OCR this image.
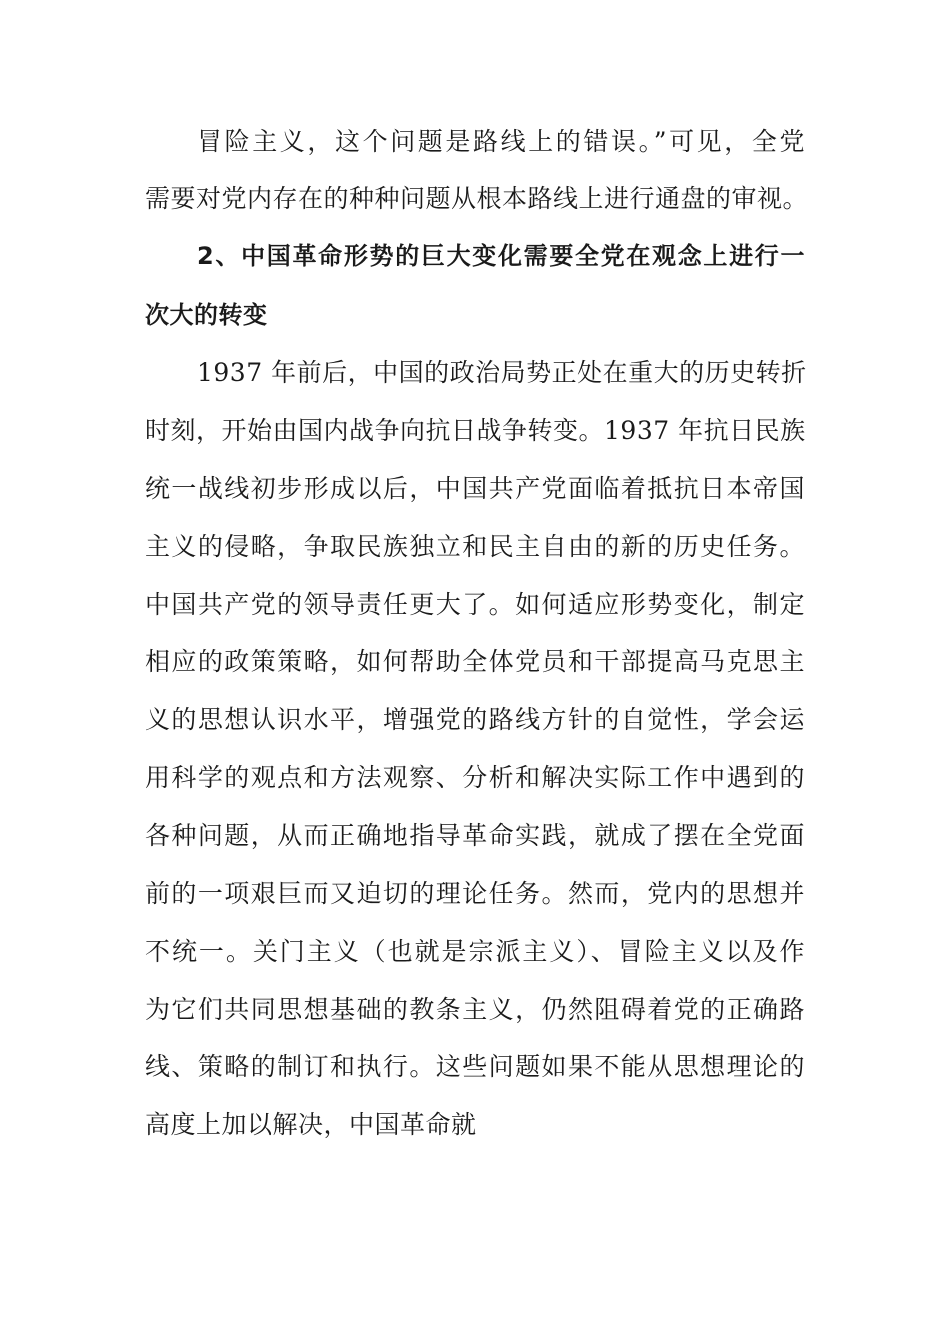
冒险主义，这个问题是路线上的错误。”可见，全党
需要对党内存在的种种问题从根本路线上进行通盘的审视。
2、中国革命形势的巨大变化需要全党在观念上进行一
次大的转变
1937 年前后，中国的政治局势正处在重大的历史转折
时刻，开始由国内战争向抗日战争转变。1937 年抗日民族
统一战线初步形成以后，中国共产党面临着抵抗日本帝国
主义的侵略，争取民族独立和民主自由的新的历史任务。
中国共产党的领导责任更大了。如何适应形势变化，制定
相应的政策策略，如何帮助全体党员和干部提高马克思主
义的思想认识水平，增强党的路线方针的自觉性，学会运
用科学的观点和方法观察、分析和解决实际工作中遇到的
各种问题，从而正确地指导革命实践，就成了摆在全党面
前的一项艰巨而又迫切的理论任务。然而，党内的思想并
不统一。关门主义（也就是宗派主义）、冒险主义以及作
为它们共同思想基础的教条主义，仍然阻碍着党的正确路
线、策略的制订和执行。这些问题如果不能从思想理论的
高度上加以解决，中国革命就
